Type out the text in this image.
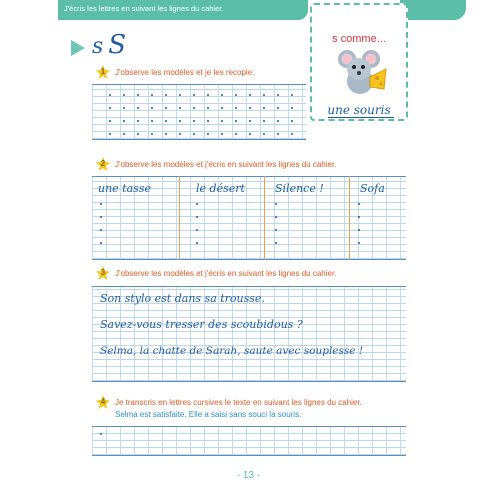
J'écris les lettres en suivant les lignes du cahier.
s S	s comme...
une souris
1	J'observe les modèles et je les recopie.
2	J'observe les modèles et j'écris en suivant les lignes du cahier.
une tasse	le désert	Silence !	Sofa
3	J'observe les modèles et j'écris en suivant les lignes du cahier.
Son stylo est dans sa trousse.
Savez-vous tresser des scoubidous ?
Selma, la chatte de Sarah, saute avec souplesse !
4	Je transcris en lettres cursives le texte en suivant les lignes du cahier.
Selma est satisfaite. Elle a saisi sans souci la souris.
- 13 -
